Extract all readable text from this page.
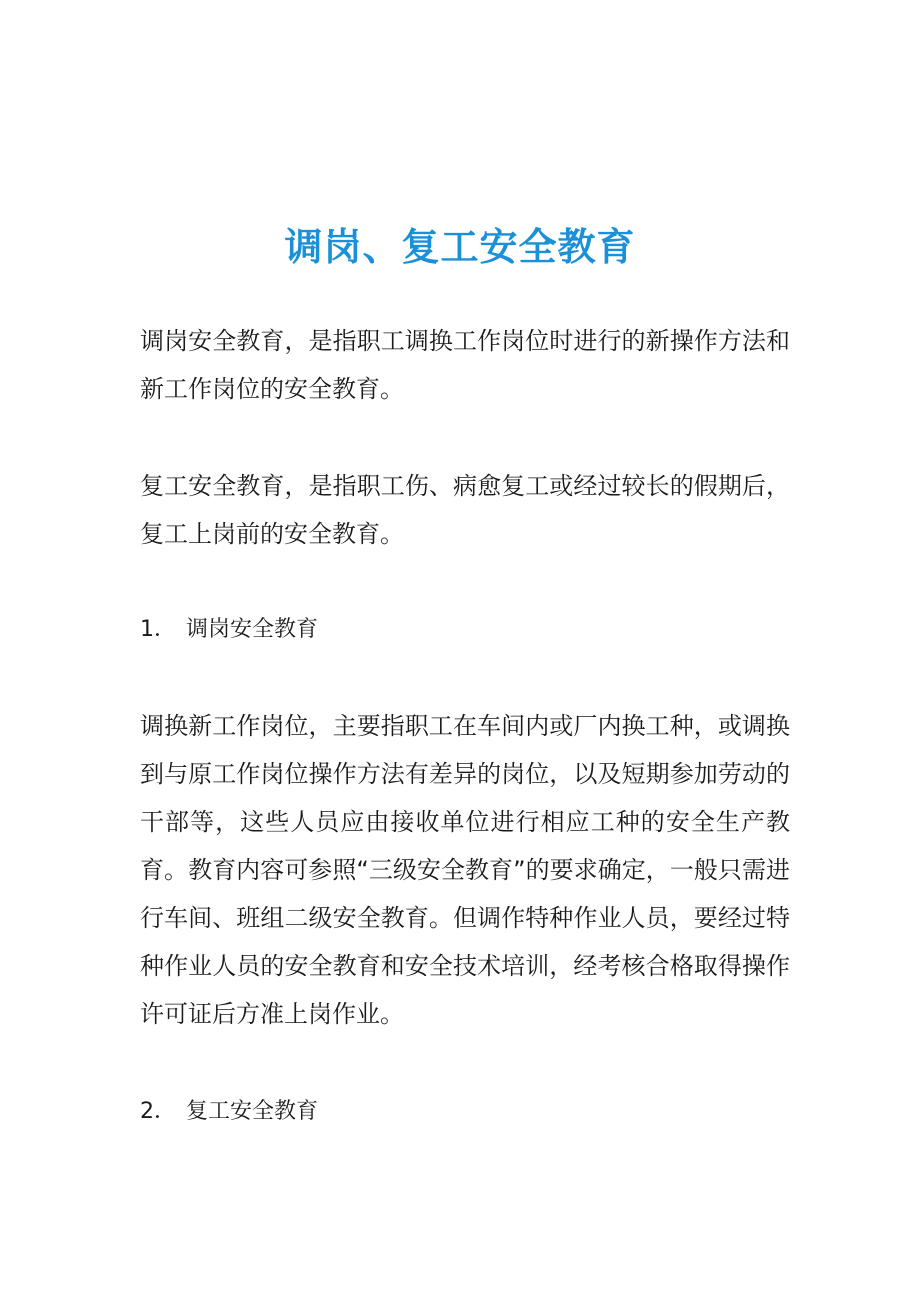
调岗、复工安全教育

调岗安全教育，是指职工调换工作岗位时进行的新操作方法和新工作岗位的安全教育。

复工安全教育，是指职工伤、病愈复工或经过较长的假期后，复工上岗前的安全教育。

1． 调岗安全教育

调换新工作岗位，主要指职工在车间内或厂内换工种，或调换到与原工作岗位操作方法有差异的岗位，以及短期参加劳动的干部等，这些人员应由接收单位进行相应工种的安全生产教育。教育内容可参照“三级安全教育”的要求确定，一般只需进行车间、班组二级安全教育。但调作特种作业人员，要经过特种作业人员的安全教育和安全技术培训，经考核合格取得操作许可证后方准上岗作业。

2． 复工安全教育
